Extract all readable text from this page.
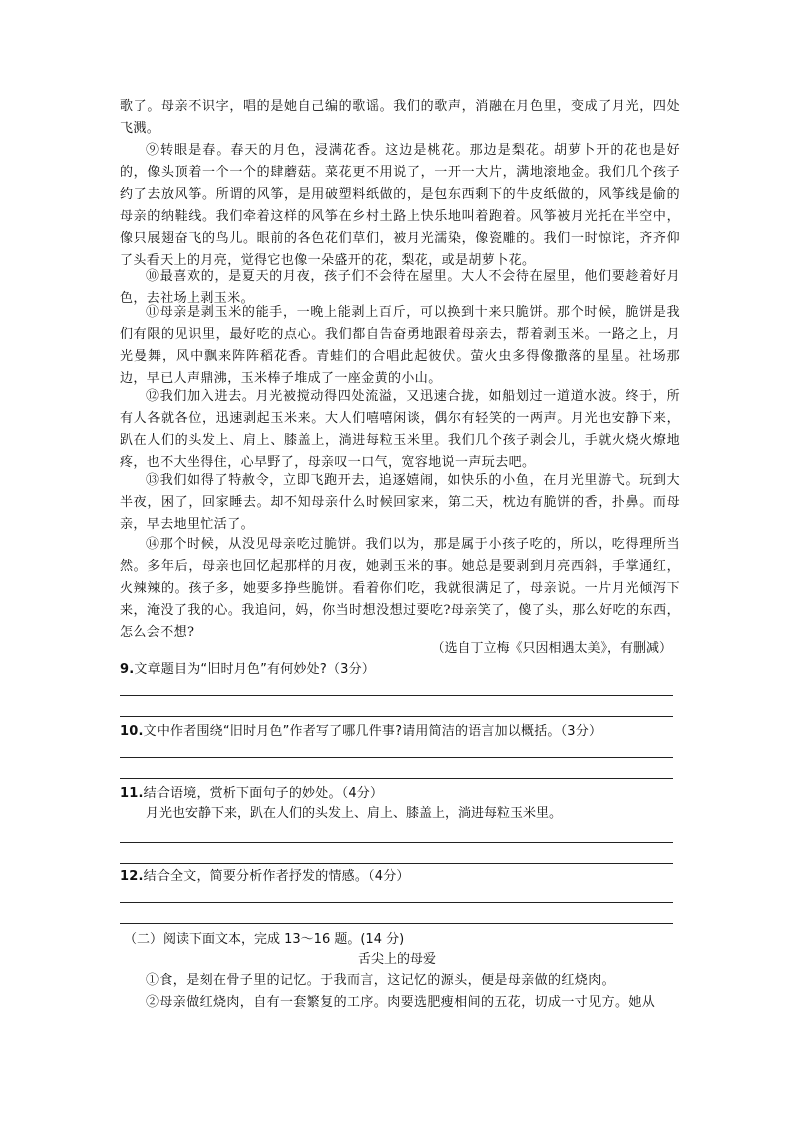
歌了。母亲不识字，唱的是她自己编的歌谣。我们的歌声，消融在月色里，变成了月光，四处飞溅。
⑨转眼是春。春天的月色，浸满花香。这边是桃花。那边是梨花。胡萝卜开的花也是好的，像头顶着一个一个的肆蘑菇。菜花更不用说了，一开一大片，满地滚地金。我们几个孩子约了去放风筝。所谓的风筝，是用破塑料纸做的，是包东西剩下的牛皮纸做的，风筝线是偷的母亲的纳鞋线。我们牵着这样的风筝在乡村土路上快乐地叫着跑着。风筝被月光托在半空中，像只展翅奋飞的鸟儿。眼前的各色花们草们，被月光濡染，像瓷雕的。我们一时惊诧，齐齐仰了头看天上的月亮，觉得它也像一朵盛开的花，梨花，或是胡萝卜花。
⑩最喜欢的，是夏天的月夜，孩子们不会待在屋里。大人不会待在屋里，他们要趁着好月色，去社场上剥玉米。
⑪母亲是剥玉米的能手，一晚上能剥上百斤，可以换到十来只脆饼。那个时候，脆饼是我们有限的见识里，最好吃的点心。我们都自告奋勇地跟着母亲去，帮着剥玉米。一路之上，月光曼舞，风中飘来阵阵稻花香。青蛙们的合唱此起彼伏。萤火虫多得像撒落的星星。社场那边，早已人声鼎沸，玉米棒子堆成了一座金黄的小山。
⑫我们加入进去。月光被搅动得四处流溢，又迅速合拢，如船划过一道道水波。终于，所有人各就各位，迅速剥起玉米来。大人们嘻嘻闲谈，偶尔有轻笑的一两声。月光也安静下来，趴在人们的头发上、肩上、膝盖上，淌进每粒玉米里。我们几个孩子剥会儿，手就火烧火燎地疼，也不大坐得住，心早野了，母亲叹一口气，宽容地说一声玩去吧。
⑬我们如得了特赦令，立即飞跑开去，追逐嬉闹，如快乐的小鱼，在月光里游弋。玩到大半夜，困了，回家睡去。却不知母亲什么时候回家来，第二天，枕边有脆饼的香，扑鼻。而母亲，早去地里忙活了。
⑭那个时候，从没见母亲吃过脆饼。我们以为，那是属于小孩子吃的，所以，吃得理所当然。多年后，母亲也回忆起那样的月夜，她剥玉米的事。她总是要剥到月亮西斜，手掌通红，火辣辣的。孩子多，她要多挣些脆饼。看着你们吃，我就很满足了，母亲说。一片月光倾泻下来，淹没了我的心。我追问，妈，你当时想没想过要吃?母亲笑了，傻了头，那么好吃的东西，怎么会不想?
（选自丁立梅《只因相遇太美》，有删减）
9.文章题目为“旧时月色”有何妙处?（3分）
10.文中作者围绕“旧时月色”作者写了哪几件事?请用简洁的语言加以概括。（3分）
11.结合语境，赏析下面句子的妙处。（4分）
月光也安静下来，趴在人们的头发上、肩上、膝盖上，淌进每粒玉米里。
12.结合全文，简要分析作者抒发的情感。（4分）
（二）阅读下面文本，完成 13～16 题。(14 分)
舌尖上的母爱
①食，是刻在骨子里的记忆。于我而言，这记忆的源头，便是母亲做的红烧肉。
②母亲做红烧肉，自有一套繁复的工序。肉要选肥瘦相间的五花，切成一寸见方。她从
